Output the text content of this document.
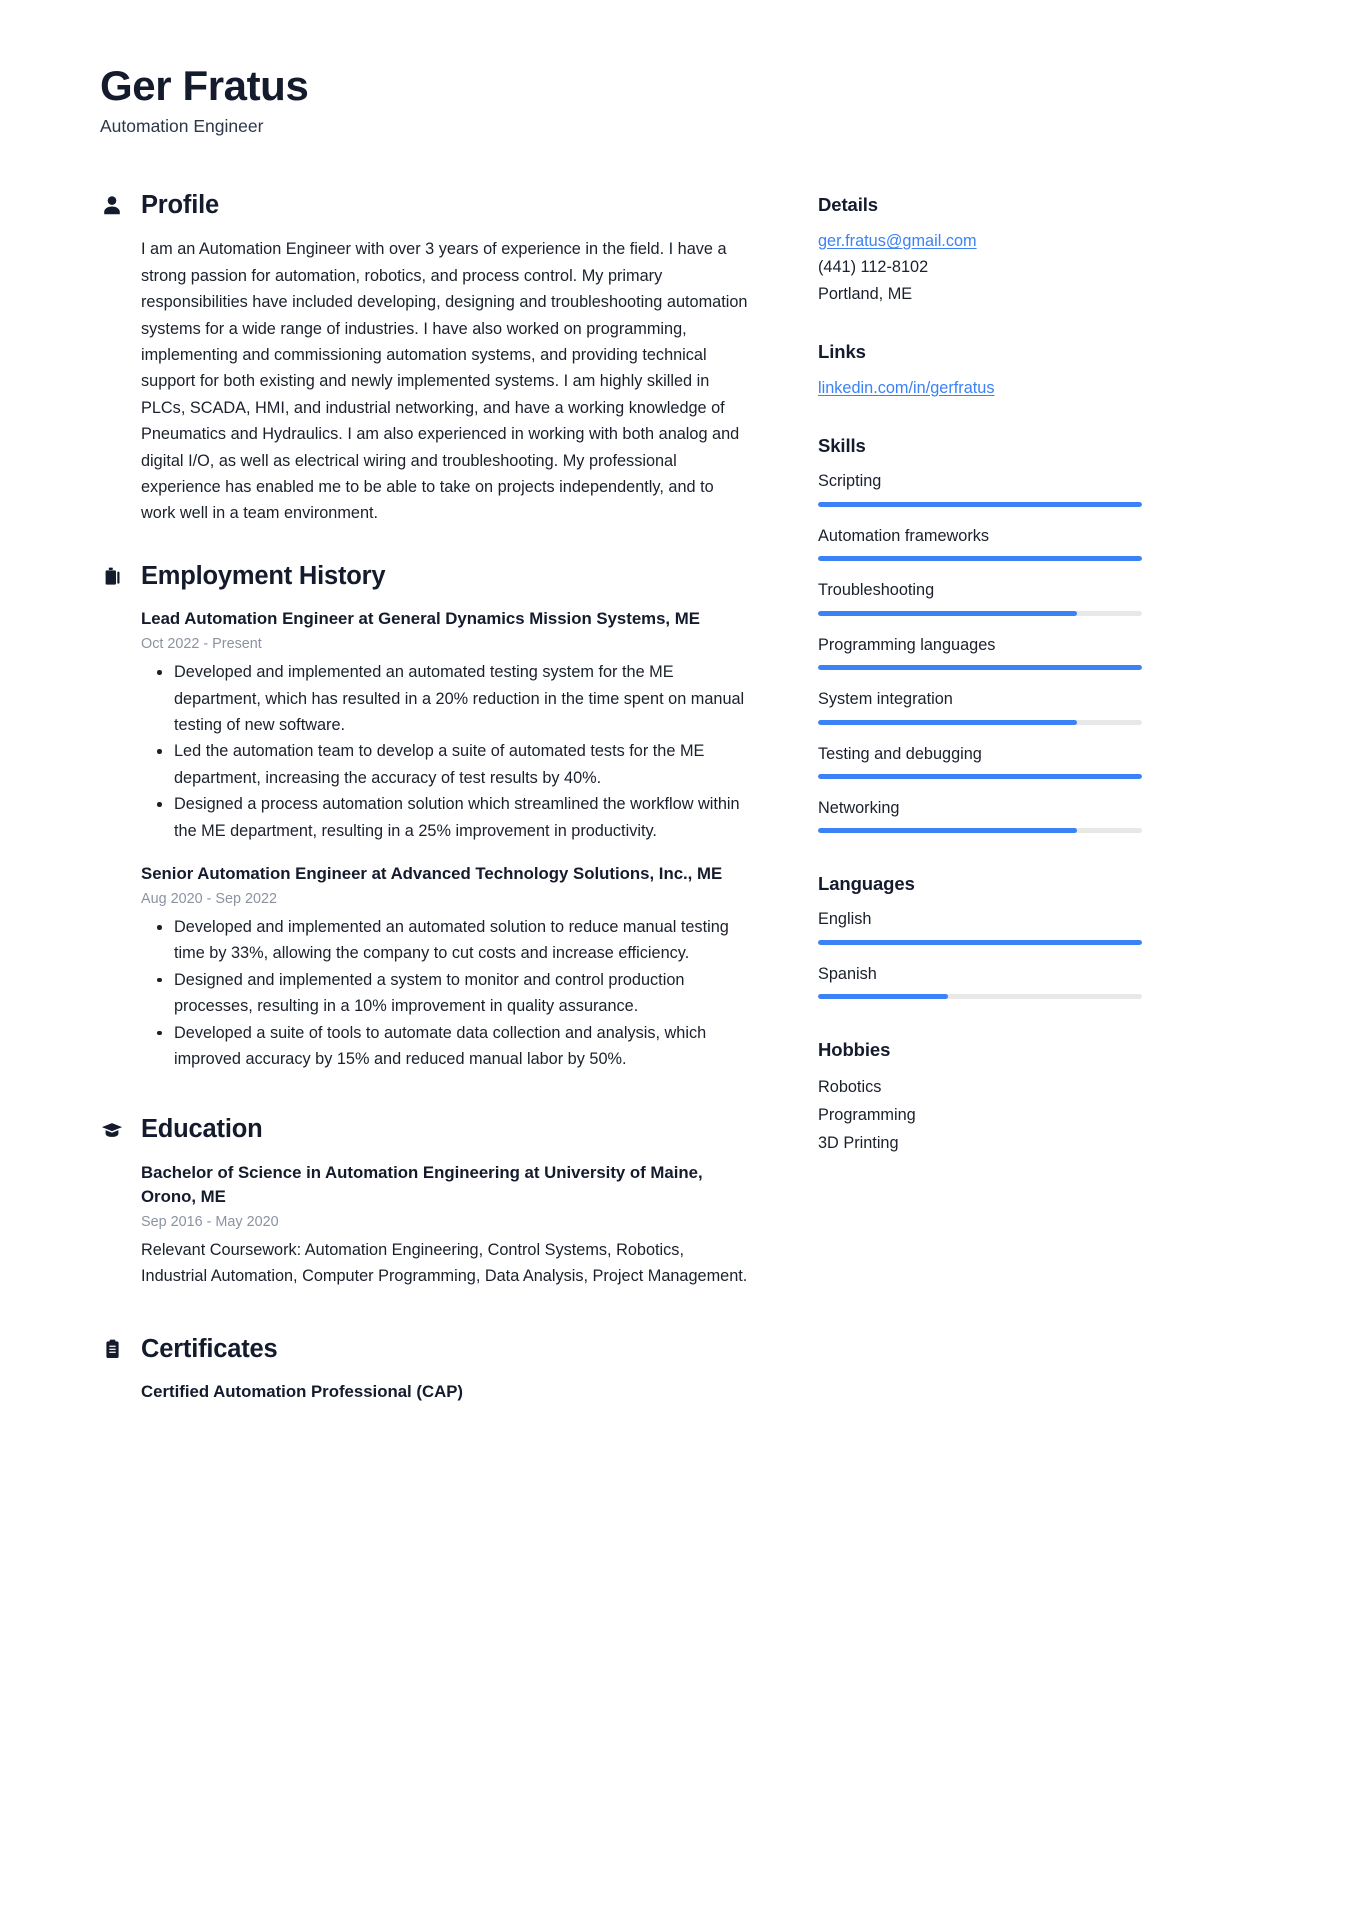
Ger Fratus
Automation Engineer
Profile

I am an Automation Engineer with over 3 years of experience in the field. I have a strong passion for automation, robotics, and process control. My primary responsibilities have included developing, designing and troubleshooting automation systems for a wide range of industries. I have also worked on programming, implementing and commissioning automation systems, and providing technical support for both existing and newly implemented systems. I am highly skilled in PLCs, SCADA, HMI, and industrial networking, and have a working knowledge of Pneumatics and Hydraulics. I am also experienced in working with both analog and digital I/O, as well as electrical wiring and troubleshooting. My professional experience has enabled me to be able to take on projects independently, and to work well in a team environment.

Employment History
Lead Automation Engineer at General Dynamics Mission Systems, ME
Oct 2022 - Present
Developed and implemented an automated testing system for the ME department, which has resulted in a 20% reduction in the time spent on manual testing of new software.
Led the automation team to develop a suite of automated tests for the ME department, increasing the accuracy of test results by 40%.
Designed a process automation solution which streamlined the workflow within the ME department, resulting in a 25% improvement in productivity.
Senior Automation Engineer at Advanced Technology Solutions, Inc., ME
Aug 2020 - Sep 2022
Developed and implemented an automated solution to reduce manual testing time by 33%, allowing the company to cut costs and increase efficiency.
Designed and implemented a system to monitor and control production processes, resulting in a 10% improvement in quality assurance.
Developed a suite of tools to automate data collection and analysis, which improved accuracy by 15% and reduced manual labor by 50%.
Education
Bachelor of Science in Automation Engineering at University of Maine, Orono, ME
Sep 2016 - May 2020
Relevant Coursework: Automation Engineering, Control Systems, Robotics, Industrial Automation, Computer Programming, Data Analysis, Project Management.
Certificates
Certified Automation Professional (CAP)
Details
ger.fratus@gmail.com
(441) 112-8102
Portland, ME
Links
linkedin.com/in/gerfratus
Skills
Scripting
Automation frameworks
Troubleshooting
Programming languages
System integration
Testing and debugging
Networking
Languages
English
Spanish
Hobbies
Robotics
Programming
3D Printing
